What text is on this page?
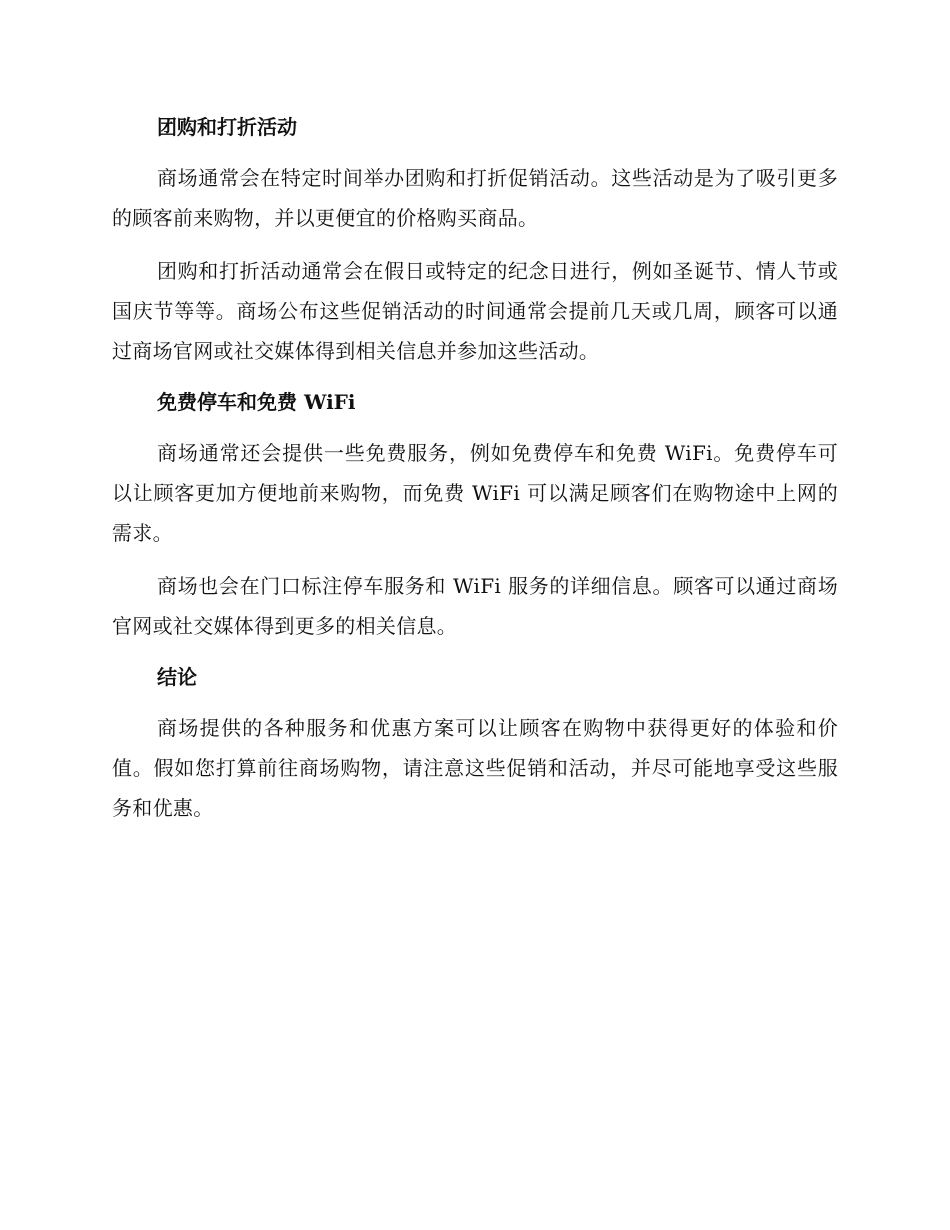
团购和打折活动

商场通常会在特定时间举办团购和打折促销活动。这些活动是为了吸引更多的顾客前来购物，并以更便宜的价格购买商品。

团购和打折活动通常会在假日或特定的纪念日进行，例如圣诞节、情人节或国庆节等等。商场公布这些促销活动的时间通常会提前几天或几周，顾客可以通过商场官网或社交媒体得到相关信息并参加这些活动。

免费停车和免费 WiFi

商场通常还会提供一些免费服务，例如免费停车和免费 WiFi。免费停车可以让顾客更加方便地前来购物，而免费 WiFi 可以满足顾客们在购物途中上网的需求。

商场也会在门口标注停车服务和 WiFi 服务的详细信息。顾客可以通过商场官网或社交媒体得到更多的相关信息。

结论

商场提供的各种服务和优惠方案可以让顾客在购物中获得更好的体验和价值。假如您打算前往商场购物，请注意这些促销和活动，并尽可能地享受这些服务和优惠。
